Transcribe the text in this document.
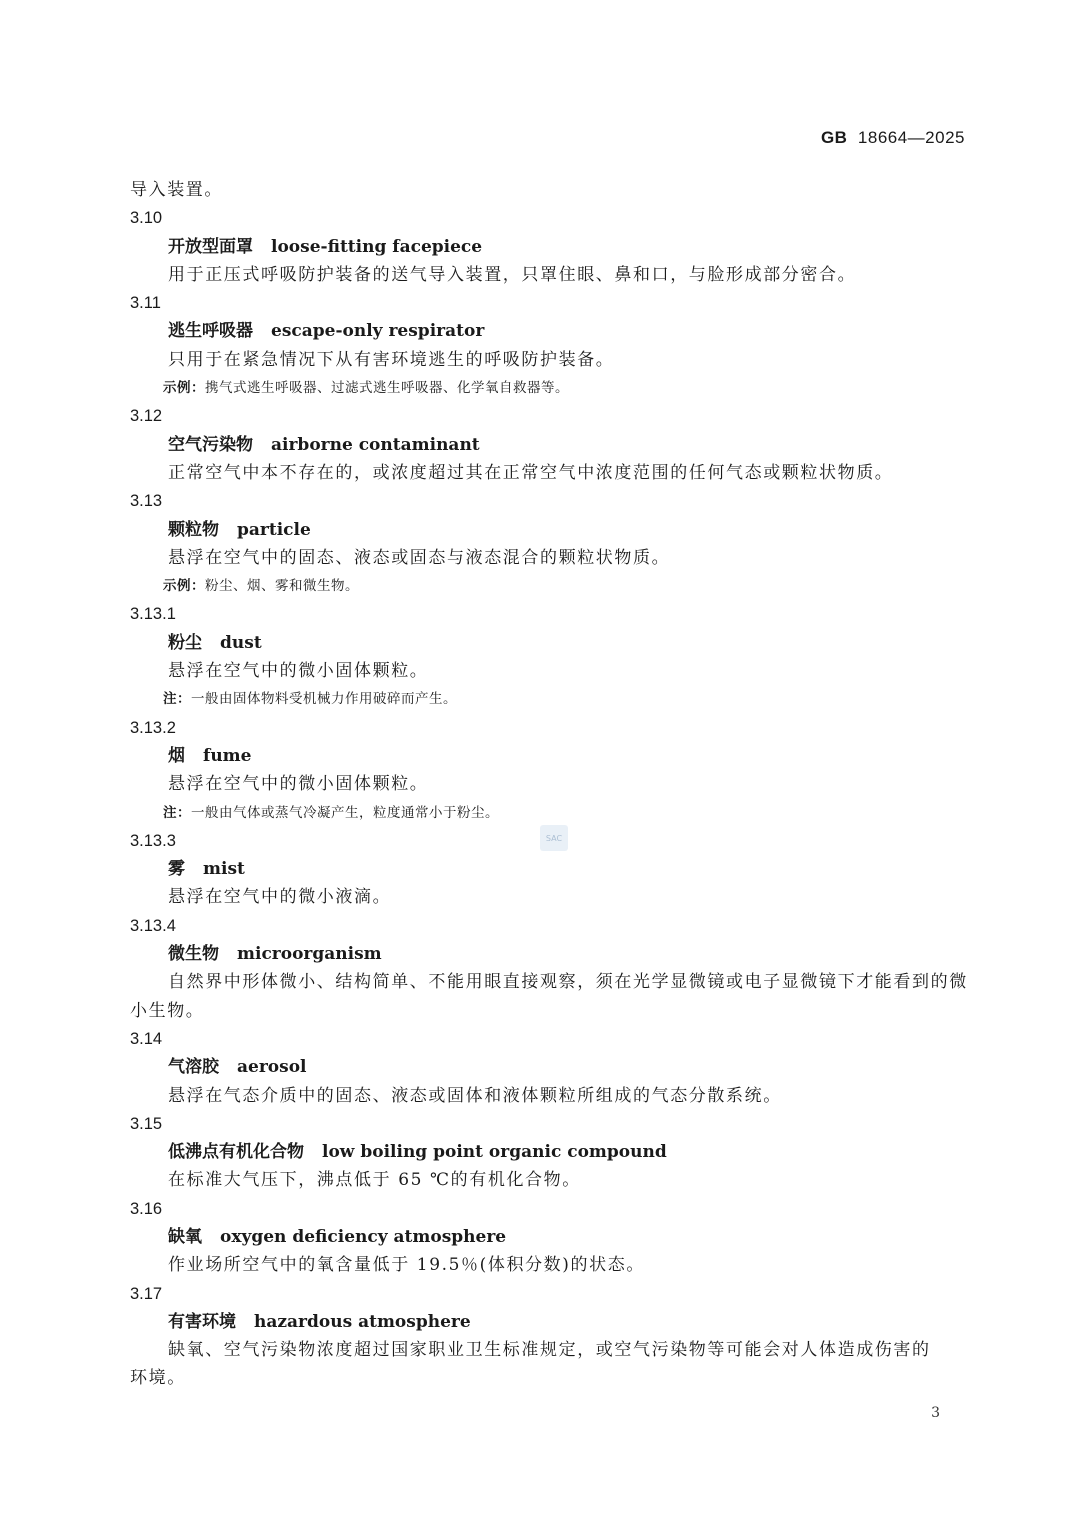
GB 18664—2025
导入装置。
3.10
开放型面罩 loose-fitting facepiece
用于正压式呼吸防护装备的送气导入装置，只罩住眼、鼻和口，与脸形成部分密合。
3.11
逃生呼吸器 escape-only respirator
只用于在紧急情况下从有害环境逃生的呼吸防护装备。
示例：携气式逃生呼吸器、过滤式逃生呼吸器、化学氧自救器等。
3.12
空气污染物 airborne contaminant
正常空气中本不存在的，或浓度超过其在正常空气中浓度范围的任何气态或颗粒状物质。
3.13
颗粒物 particle
悬浮在空气中的固态、液态或固态与液态混合的颗粒状物质。
示例：粉尘、烟、雾和微生物。
3.13.1
粉尘 dust
悬浮在空气中的微小固体颗粒。
注：一般由固体物料受机械力作用破碎而产生。
3.13.2
烟 fume
悬浮在空气中的微小固体颗粒。
注：一般由气体或蒸气冷凝产生，粒度通常小于粉尘。
3.13.3
雾 mist
悬浮在空气中的微小液滴。
3.13.4
微生物 microorganism
自然界中形体微小、结构简单、不能用眼直接观察，须在光学显微镜或电子显微镜下才能看到的微
小生物。
3.14
气溶胶 aerosol
悬浮在气态介质中的固态、液态或固体和液体颗粒所组成的气态分散系统。
3.15
低沸点有机化合物 low boiling point organic compound
在标准大气压下，沸点低于 65 ℃的有机化合物。
3.16
缺氧 oxygen deficiency atmosphere
作业场所空气中的氧含量低于 19.5％(体积分数)的状态。
3.17
有害环境 hazardous atmosphere
缺氧、空气污染物浓度超过国家职业卫生标准规定，或空气污染物等可能会对人体造成伤害的
环境。
SAC
3
